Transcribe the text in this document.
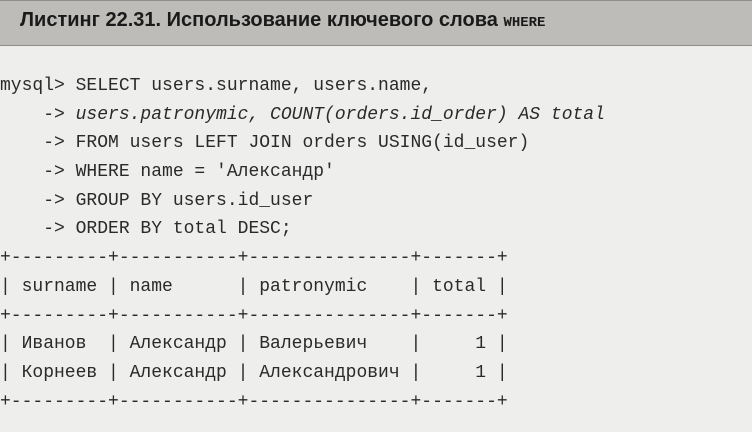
Листинг 22.31. Использование ключевого слова WHERE
mysql> SELECT users.surname, users.name,
-> users.patronymic, COUNT(orders.id_order) AS total
-> FROM users LEFT JOIN orders USING(id_user)
-> WHERE name = 'Александр'
-> GROUP BY users.id_user
-> ORDER BY total DESC;
+---------+-----------+---------------+-------+
| surname | name      | patronymic    | total |
+---------+-----------+---------------+-------+
| Иванов  | Александр | Валерьевич    |     1 |
| Корнеев | Александр | Александрович |     1 |
+---------+-----------+---------------+-------+
